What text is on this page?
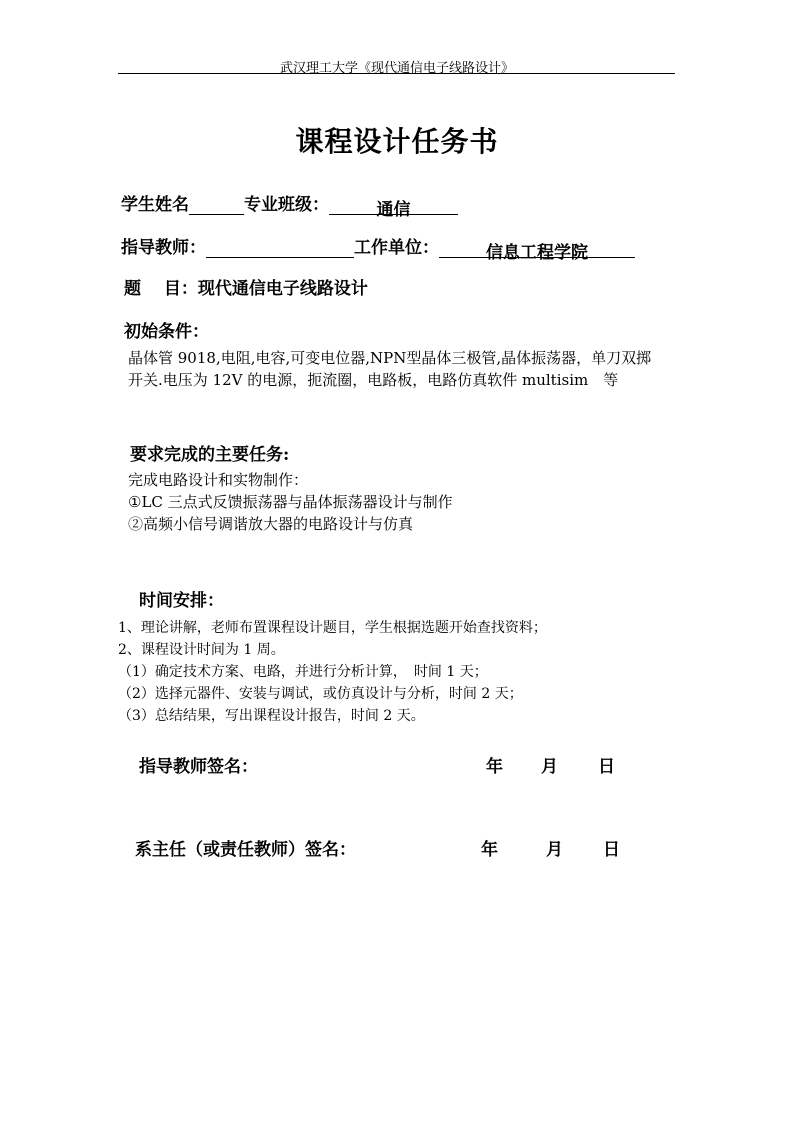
武汉理工大学《现代通信电子线路设计》
课程设计任务书
学生姓名	专业班级：	通信
指导教师：	工作单位：	信息工程学院
题　 目：现代通信电子线路设计
初始条件：
晶体管 9018,电阻,电容,可变电位器,NPN型晶体三极管,晶体振荡器，单刀双掷
开关.电压为 12V 的电源，扼流圈，电路板，电路仿真软件 multisim　等
要求完成的主要任务:
完成电路设计和实物制作：
①LC 三点式反馈振荡器与晶体振荡器设计与制作
②高频小信号调谐放大器的电路设计与仿真
时间安排：
1、理论讲解，老师布置课程设计题目，学生根据选题开始查找资料；
2、课程设计时间为 1 周。
（1）确定技术方案、电路，并进行分析计算，　时间 1 天；
（2）选择元器件、安装与调试，或仿真设计与分析，时间 2 天；
（3）总结结果，写出课程设计报告，时间 2 天。
指导教师签名：	年 月 日
系主任（或责任教师）签名：	年	月 日
